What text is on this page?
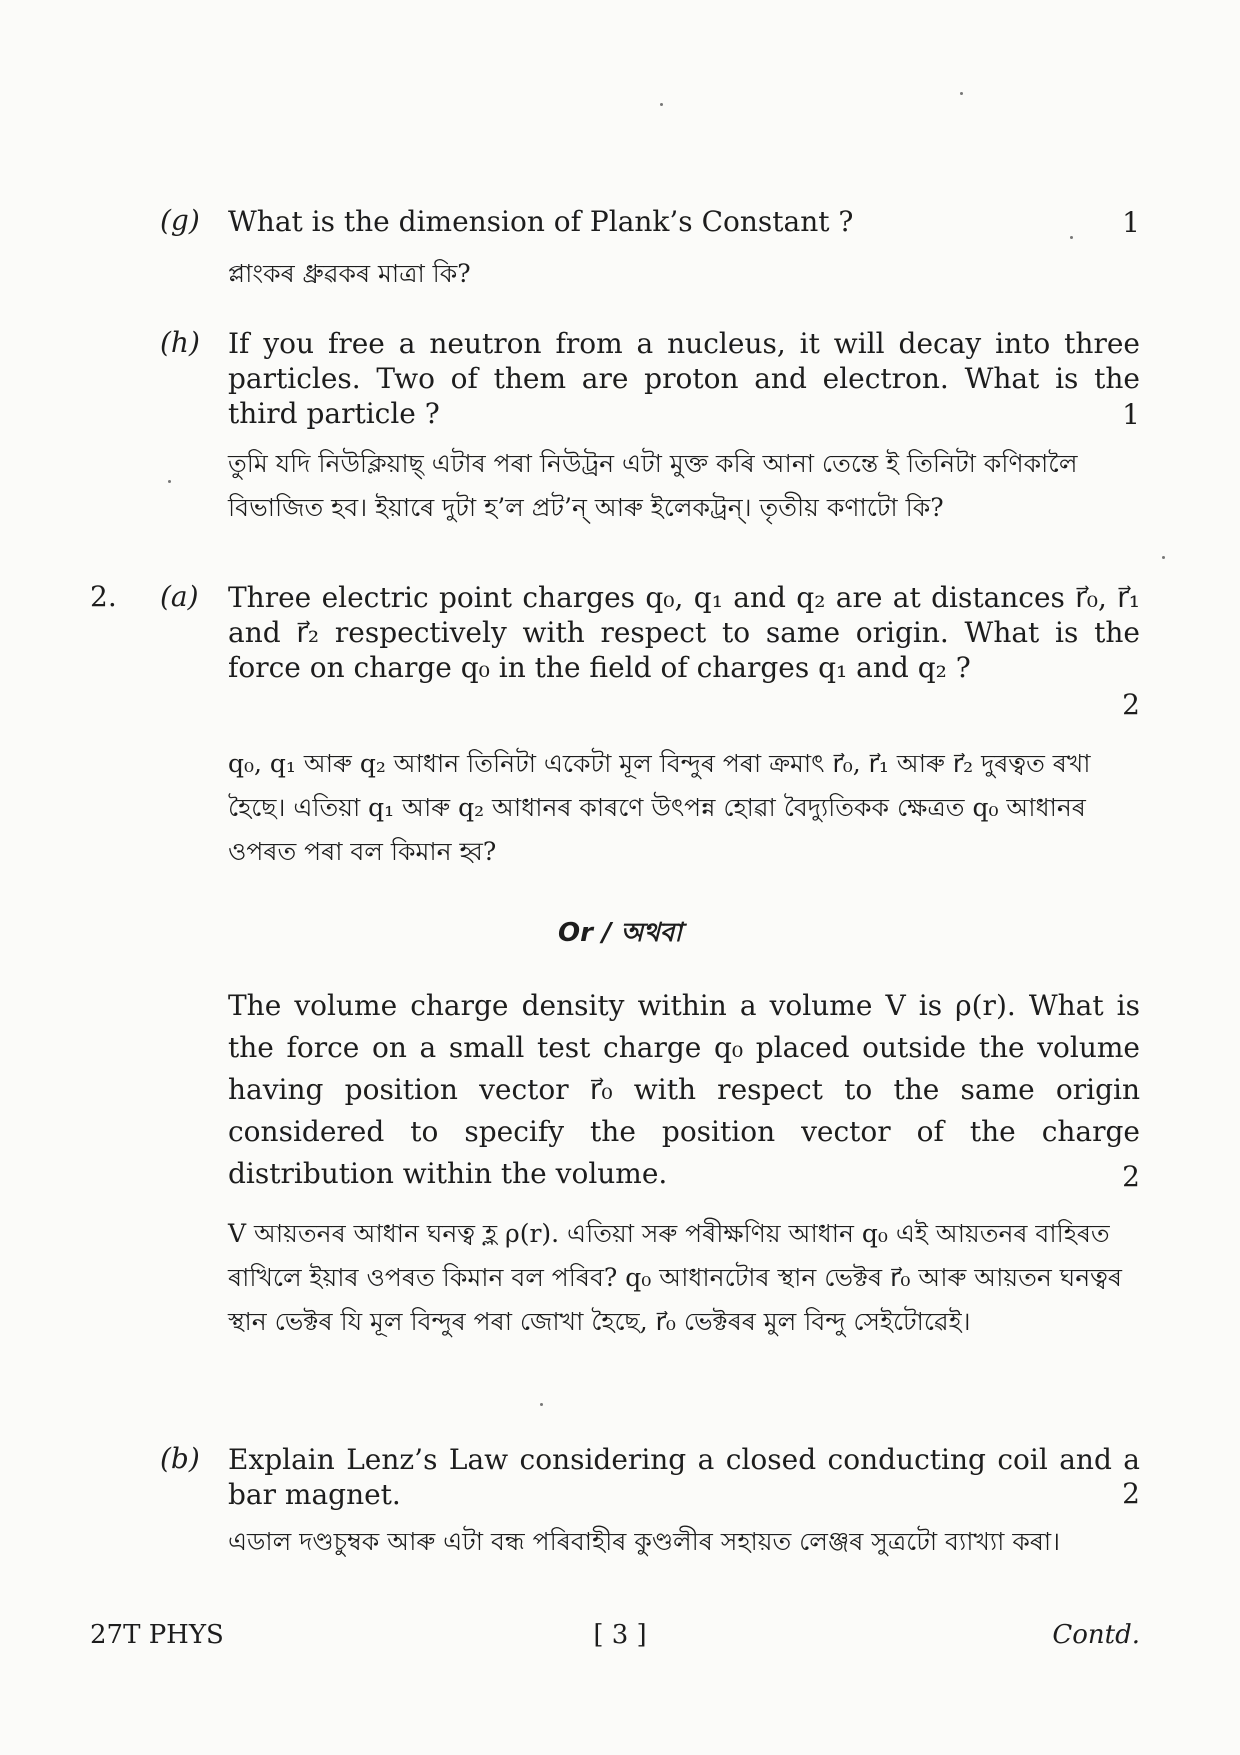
(g) What is the dimension of Plank’s Constant ?	1
প্লাংকৰ ধ্ৰুৱকৰ মাত্ৰা কি?
(h) If you free a neutron from a nucleus, it will decay into three particles. Two of them are proton and electron. What is the third particle ?	1
তুমি যদি নিউক্লিয়াছ্ এটাৰ পৰা নিউট্ৰন এটা মুক্ত কৰি আনা তেন্তে ই তিনিটা কণিকালৈ বিভাজিত হব। ইয়াৰে দুটা হ’ল প্ৰট’ন্ আৰু ইলেকট্ৰন্। তৃতীয় কণাটো কি?
2. (a) Three electric point charges q₀, q₁ and q₂ are at distances r⃗₀, r⃗₁ and r⃗₂ respectively with respect to same origin. What is the force on charge q₀ in the field of charges q₁ and q₂ ?
2
q₀, q₁ আৰু q₂ আধান তিনিটা একেটা মূল বিন্দুৰ পৰা ক্ৰমাৎ r⃗₀, r⃗₁ আৰু r⃗₂ দুৰত্বত ৰখা হৈছে। এতিয়া q₁ আৰু q₂ আধানৰ কাৰণে উৎপন্ন হোৱা বৈদ্যুতিকক ক্ষেত্ৰত q₀ আধানৰ ওপৰত পৰা বল কিমান হ্ব?
Or / অথবা
The volume charge density within a volume V is ρ(r). What is the force on a small test charge q₀ placed outside the volume having position vector r⃗₀ with respect to the same origin considered to specify the position vector of the charge distribution within the volume.	2
V আয়তনৰ আধান ঘনত্ব হ্ল ρ(r). এতিয়া সৰু পৰীক্ষণিয় আধান q₀ এই আয়তনৰ বাহিৰত ৰাখিলে ইয়াৰ ওপৰত কিমান বল পৰিব? q₀ আধানটোৰ স্থান ভেক্টৰ r⃗₀ আৰু আয়তন ঘনত্বৰ স্থান ভেক্টৰ যি মূল বিন্দুৰ পৰা জোখা হৈছে, r⃗₀ ভেক্টৰৰ মুল বিন্দু সেইটোৱেই।
(b) Explain Lenz’s Law considering a closed conducting coil and a bar magnet.	2
এডাল দণ্ডচুম্বক আৰু এটা বন্ধ পৰিবাহীৰ কুণ্ডলীৰ সহায়ত লেঞ্জৰ সুত্ৰটো ব্যাখ্যা কৰা।
27T PHYS	[ 3 ]	Contd.
